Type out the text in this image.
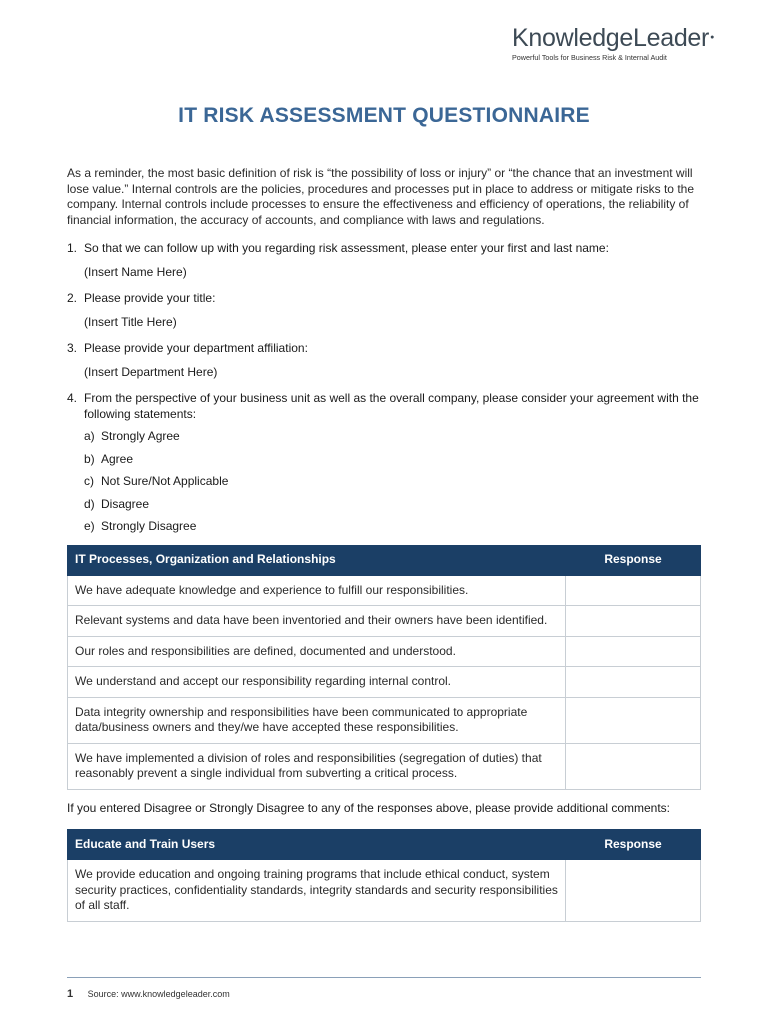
KnowledgeLeader●
Powerful Tools for Business Risk & Internal Audit
IT RISK ASSESSMENT QUESTIONNAIRE

As a reminder, the most basic definition of risk is “the possibility of loss or injury” or “the chance that an investment will lose value.” Internal controls are the policies, procedures and processes put in place to address or mitigate risks to the company. Internal controls include processes to ensure the effectiveness and efficiency of operations, the reliability of financial information, the accuracy of accounts, and compliance with laws and regulations.

1. So that we can follow up with you regarding risk assessment, please enter your first and last name:
(Insert Name Here)
2. Please provide your title:
(Insert Title Here)
3. Please provide your department affiliation:
(Insert Department Here)
4. From the perspective of your business unit as well as the overall company, please consider your agreement with the following statements:
a) Strongly Agree
b) Agree
c) Not Sure/Not Applicable
d) Disagree
e) Strongly Disagree
IT Processes, Organization and Relationships	Response
We have adequate knowledge and experience to fulfill our responsibilities.	
Relevant systems and data have been inventoried and their owners have been identified.	
Our roles and responsibilities are defined, documented and understood.	
We understand and accept our responsibility regarding internal control.	
Data integrity ownership and responsibilities have been communicated to appropriate data/business owners and they/we have accepted these responsibilities.	
We have implemented a division of roles and responsibilities (segregation of duties) that reasonably prevent a single individual from subverting a critical process.	

If you entered Disagree or Strongly Disagree to any of the responses above, please provide additional comments:

Educate and Train Users	Response
We provide education and ongoing training programs that include ethical conduct, system security practices, confidentiality standards, integrity standards and security responsibilities of all staff.	
1 Source: www.knowledgeleader.com
